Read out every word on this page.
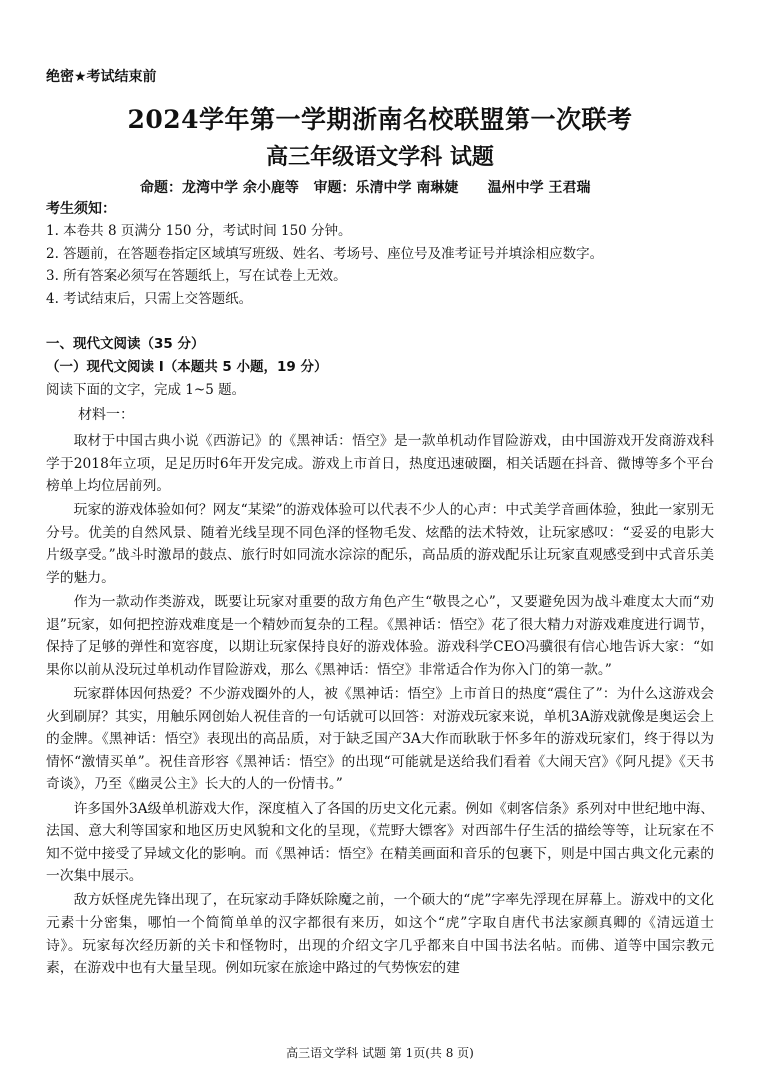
绝密★考试结束前
2024学年第一学期浙南名校联盟第一次联考
高三年级语文学科 试题
命题：龙湾中学 余小鹿等 审题：乐清中学 南琳婕 温州中学 王君瑞
考生须知：
1. 本卷共 8 页满分 150 分，考试时间 150 分钟。
2. 答题前，在答题卷指定区域填写班级、姓名、考场号、座位号及准考证号并填涂相应数字。
3. 所有答案必须写在答题纸上，写在试卷上无效。
4. 考试结束后，只需上交答题纸。
一、现代文阅读（35 分）
（一）现代文阅读 I（本题共 5 小题，19 分）
阅读下面的文字，完成 1~5 题。
材料一：

取材于中国古典小说《西游记》的《黑神话：悟空》是一款单机动作冒险游戏，由中国游戏开发商游戏科学于2018年立项，足足历时6年开发完成。游戏上市首日，热度迅速破圈，相关话题在抖音、微博等多个平台榜单上均位居前列。

玩家的游戏体验如何？网友“某梁”的游戏体验可以代表不少人的心声：中式美学音画体验，独此一家别无分号。优美的自然风景、随着光线呈现不同色泽的怪物毛发、炫酷的法术特效，让玩家感叹：“妥妥的电影大片级享受。”战斗时激昂的鼓点、旅行时如同流水淙淙的配乐，高品质的游戏配乐让玩家直观感受到中式音乐美学的魅力。

作为一款动作类游戏，既要让玩家对重要的敌方角色产生“敬畏之心”，又要避免因为战斗难度太大而“劝退”玩家，如何把控游戏难度是一个精妙而复杂的工程。《黑神话：悟空》花了很大精力对游戏难度进行调节，保持了足够的弹性和宽容度，以期让玩家保持良好的游戏体验。游戏科学CEO冯骥很有信心地告诉大家：“如果你以前从没玩过单机动作冒险游戏，那么《黑神话：悟空》非常适合作为你入门的第一款。”

玩家群体因何热爱？不少游戏圈外的人，被《黑神话：悟空》上市首日的热度“震住了”：为什么这游戏会火到刷屏？其实，用触乐网创始人祝佳音的一句话就可以回答：对游戏玩家来说，单机3A游戏就像是奥运会上的金牌。《黑神话：悟空》表现出的高品质，对于缺乏国产3A大作而耿耿于怀多年的游戏玩家们，终于得以为情怀“激情买单”。祝佳音形容《黑神话：悟空》的出现“可能就是送给我们看着《大闹天宫》《阿凡提》《天书奇谈》，乃至《幽灵公主》长大的人的一份情书。”

许多国外3A级单机游戏大作，深度植入了各国的历史文化元素。例如《刺客信条》系列对中世纪地中海、法国、意大利等国家和地区历史风貌和文化的呈现，《荒野大镖客》对西部牛仔生活的描绘等等，让玩家在不知不觉中接受了异域文化的影响。而《黑神话：悟空》在精美画面和音乐的包裹下，则是中国古典文化元素的一次集中展示。

敌方妖怪虎先锋出现了，在玩家动手降妖除魔之前，一个硕大的“虎”字率先浮现在屏幕上。游戏中的文化元素十分密集，哪怕一个简简单单的汉字都很有来历，如这个“虎”字取自唐代书法家颜真卿的《清远道士诗》。玩家每次经历新的关卡和怪物时，出现的介绍文字几乎都来自中国书法名帖。而佛、道等中国宗教元素，在游戏中也有大量呈现。例如玩家在旅途中路过的气势恢宏的建

高三语文学科 试题 第 1页(共 8 页)
